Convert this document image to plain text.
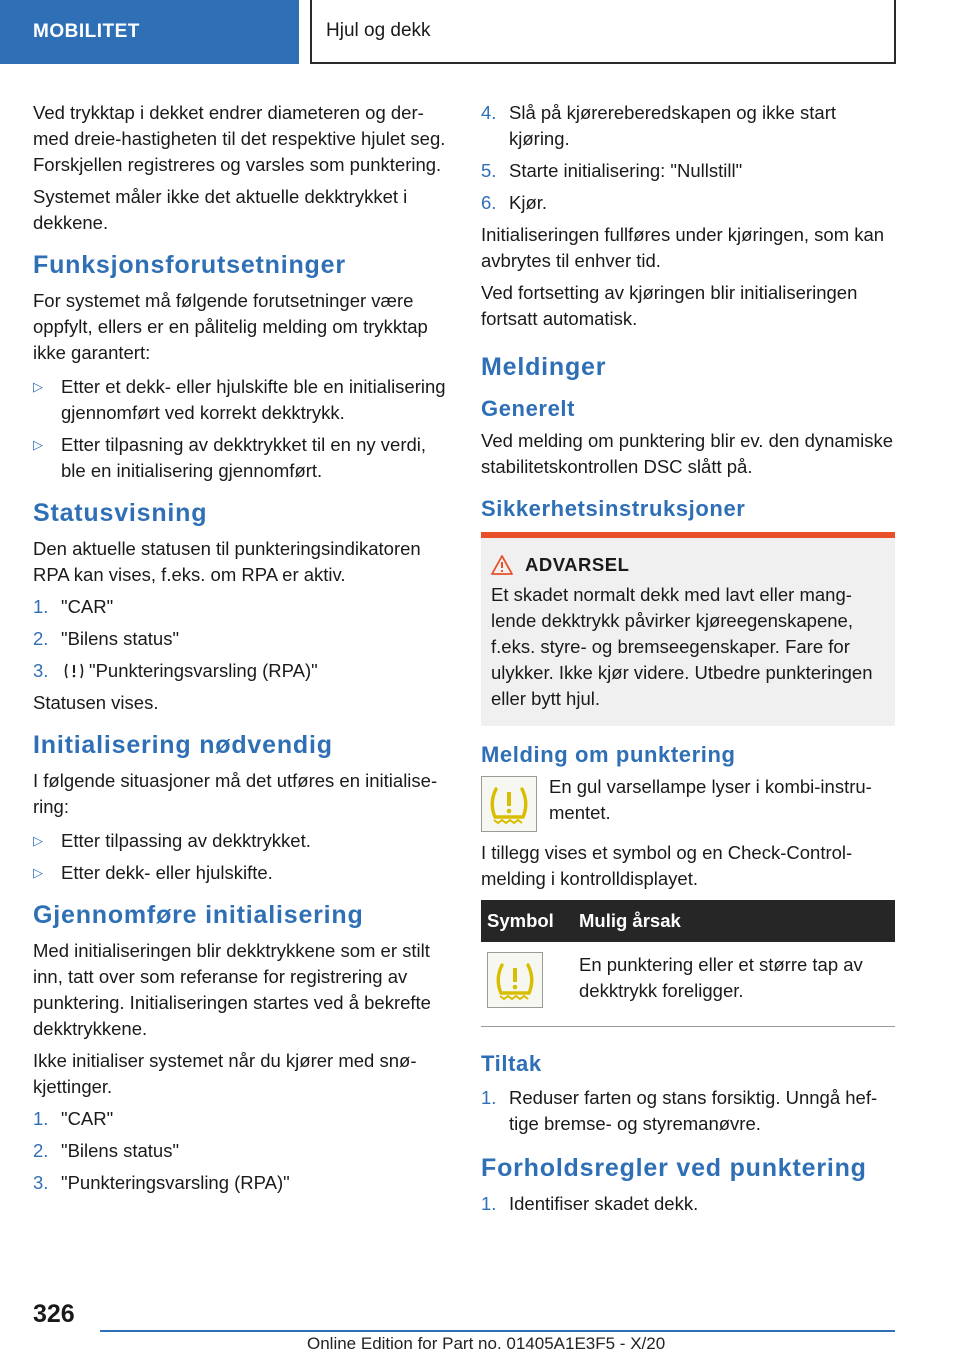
MOBILITET	Hjul og dekk

Ved trykktap i dekket endrer diameteren og dermed dreie-hastigheten til det respektive hjulet seg. Forskjellen registreres og varsles som punktering.

Systemet måler ikke det aktuelle dekktrykket i dekkene.

Funksjonsforutsetninger

For systemet må følgende forutsetninger være oppfylt, ellers er en pålitelig melding om trykktap ikke garantert:

▷ Etter et dekk- eller hjulskifte ble en initialisering gjennomført ved korrekt dekktrykk.
▷ Etter tilpasning av dekktrykket til en ny verdi, ble en initialisering gjennomført.
Statusvisning

Den aktuelle statusen til punkteringsindikatoren RPA kan vises, f.eks. om RPA er aktiv.

1. "CAR"
2. "Bilens status"
3. "Punkteringsvarsling (RPA)"

Statusen vises.

Initialisering nødvendig

I følgende situasjoner må det utføres en initialisering:

▷ Etter tilpassing av dekktrykket.
▷ Etter dekk- eller hjulskifte.
Gjennomføre initialisering

Med initialiseringen blir dekktrykkene som er stilt inn, tatt over som referanse for registrering av punktering. Initialiseringen startes ved å bekrefte dekktrykkene.

Ikke initialiser systemet når du kjører med snøkjettinger.

1. "CAR"
2. "Bilens status"
3. "Punkteringsvarsling (RPA)"
4. Slå på kjørereberedskapen og ikke start kjøring.
5. Starte initialisering: "Nullstill"
6. Kjør.

Initialiseringen fullføres under kjøringen, som kan avbrytes til enhver tid.

Ved fortsetting av kjøringen blir initialiseringen fortsatt automatisk.

Meldinger
Generelt

Ved melding om punktering blir ev. den dynamiske stabilitetskontrollen DSC slått på.

Sikkerhetsinstruksjoner
ADVARSEL

Et skadet normalt dekk med lavt eller manglende dekktrykk påvirker kjøreegenskapene, f.eks. styre- og bremseegenskaper. Fare for ulykker. Ikke kjør videre. Utbedre punkteringen eller bytt hjul.

Melding om punktering
En gul varsellampe lyser i kombi-instrumentet.

I tillegg vises et symbol og en Check-Control-melding i kontrolldisplayet.

Symbol	Mulig årsak

	En punktering eller et større tap av dekktrykk foreligger.
Tiltak
1. Reduser farten og stans forsiktig. Unngå heftige bremse- og styremanøvre.
Forholdsregler ved punktering
1. Identifiser skadet dekk.
326
Online Edition for Part no. 01405A1E3F5 - X/20
